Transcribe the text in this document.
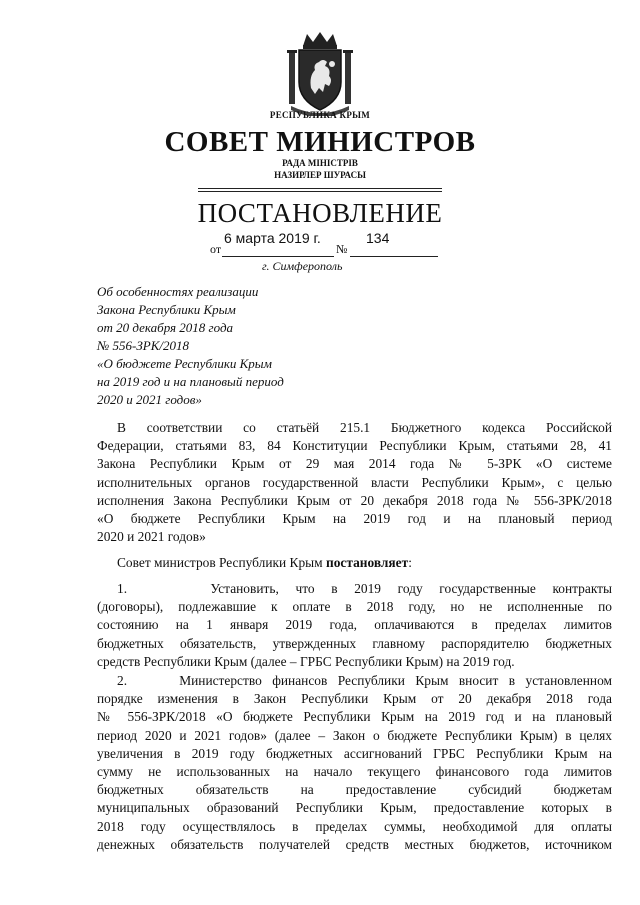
РЕСПУБЛИКА КРЫМ
СОВЕТ МИНИСТРОВ
РАДА МІНІСТРІВ
НАЗИРЛЕР ШУРАСЫ
ПОСТАНОВЛЕНИЕ
от
6 марта 2019 г.
№
134
г. Симферополь
Об особенностях реализации
Закона Республики Крым
от 20 декабря 2018 года
№ 556-ЗРК/2018
«О бюджете Республики Крым
на 2019 год и на плановый период
2020 и 2021 годов»
В соответствии со статьёй 215.1 Бюджетного кодекса Российской
Федерации, статьями 83, 84 Конституции Республики Крым, статьями 28, 41
Закона Республики Крым от 29 мая 2014 года № 5-ЗРК «О системе
исполнительных органов государственной власти Республики Крым», с целью
исполнения Закона Республики Крым от 20 декабря 2018 года № 556-ЗРК/2018
«О бюджете Республики Крым на 2019 год и на плановый период
2020 и 2021 годов»
Совет министров Республики Крым постановляет:
1.     Установить, что в 2019 году государственные контракты
(договоры), подлежавшие к оплате в 2018 году, но не исполненные по
состоянию на 1 января 2019 года, оплачиваются в пределах лимитов
бюджетных обязательств, утвержденных главному распорядителю бюджетных
средств Республики Крым (далее – ГРБС Республики Крым) на 2019 год.
2.     Министерство финансов Республики Крым вносит в установленном
порядке изменения в Закон Республики Крым от 20 декабря 2018 года
№ 556-ЗРК/2018 «О бюджете Республики Крым на 2019 год и на плановый
период 2020 и 2021 годов» (далее – Закон о бюджете Республики Крым) в целях
увеличения в 2019 году бюджетных ассигнований ГРБС Республики Крым на
сумму не использованных на начало текущего финансового года лимитов
бюджетных обязательств на предоставление субсидий бюджетам
муниципальных образований Республики Крым, предоставление которых в
2018 году осуществлялось в пределах суммы, необходимой для оплаты
денежных обязательств получателей средств местных бюджетов, источником
